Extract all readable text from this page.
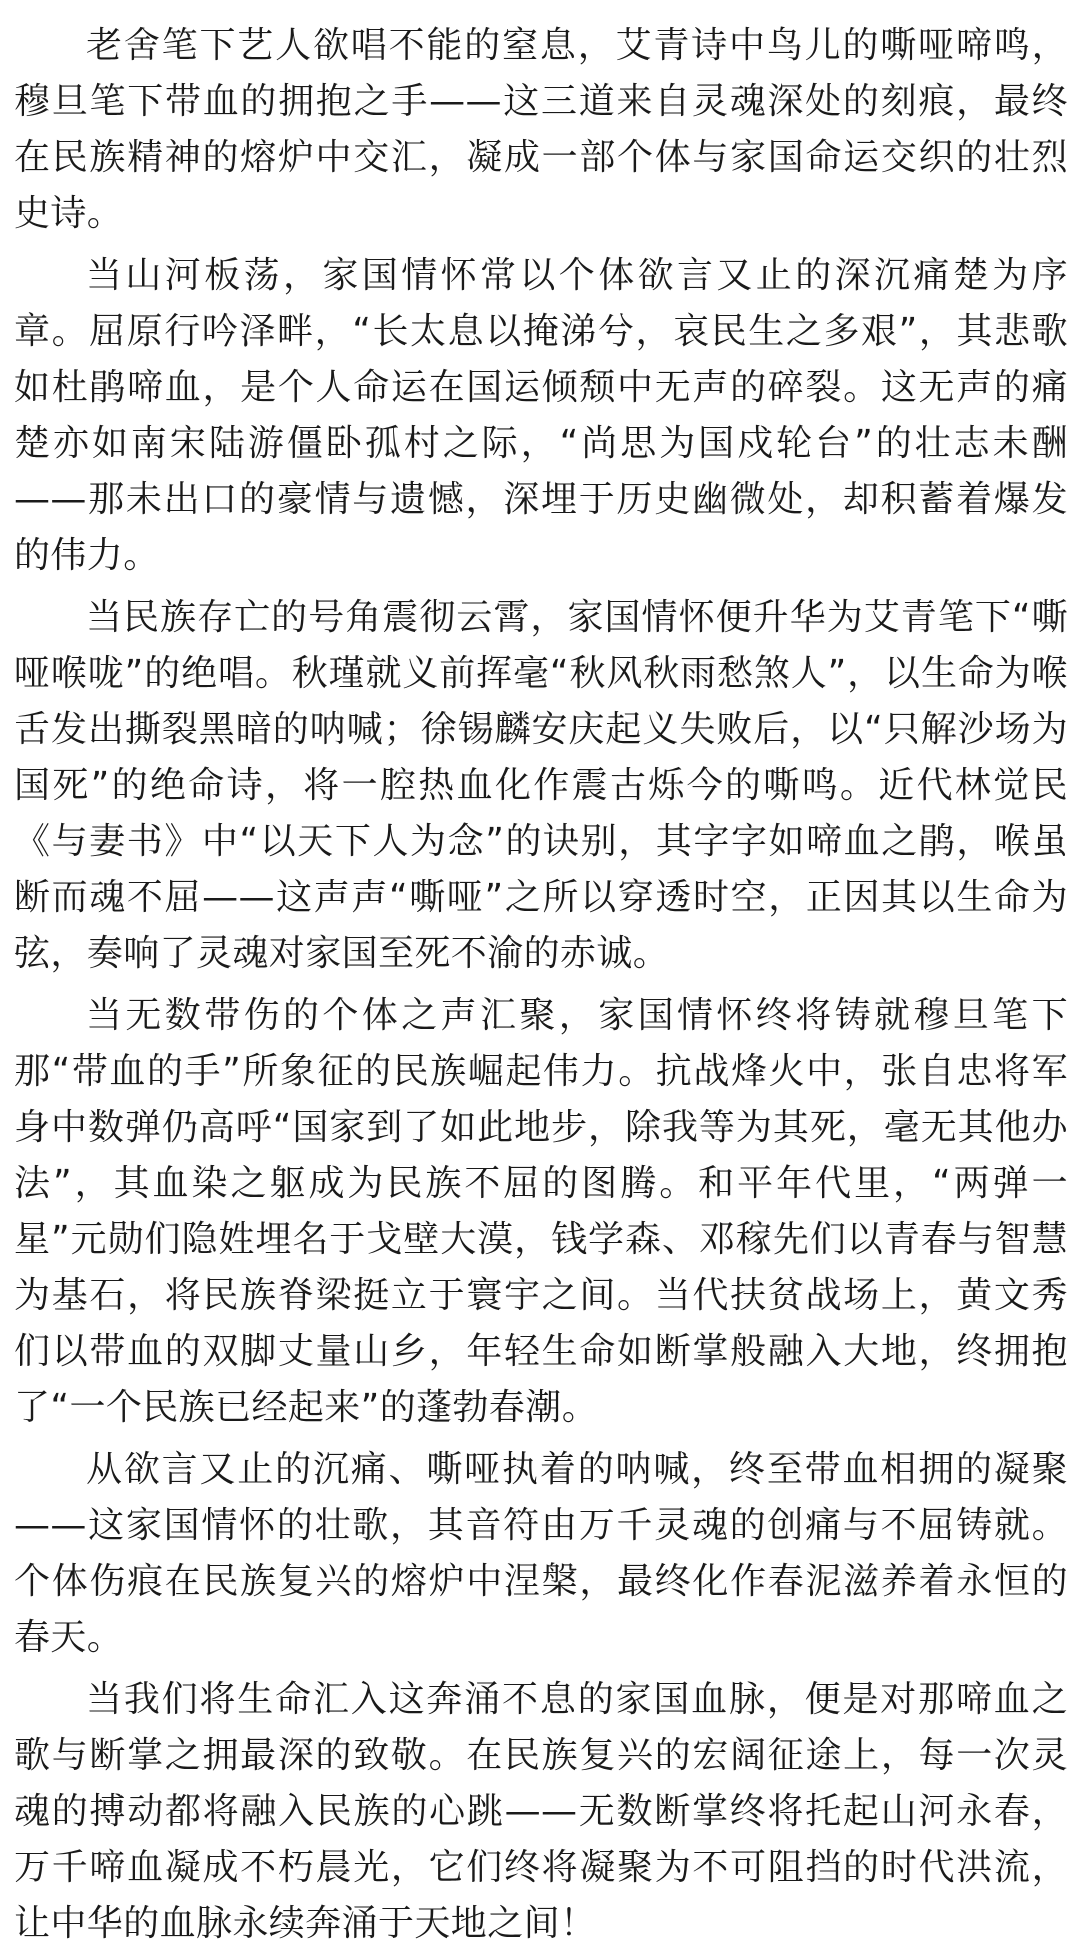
老舍笔下艺人欲唱不能的窒息，艾青诗中鸟儿的嘶哑啼鸣，穆旦笔下带血的拥抱之手——这三道来自灵魂深处的刻痕，最终在民族精神的熔炉中交汇，凝成一部个体与家国命运交织的壮烈史诗。

当山河板荡，家国情怀常以个体欲言又止的深沉痛楚为序章。屈原行吟泽畔，“长太息以掩涕兮，哀民生之多艰”，其悲歌如杜鹃啼血，是个人命运在国运倾颓中无声的碎裂。这无声的痛楚亦如南宋陆游僵卧孤村之际，“尚思为国戍轮台”的壮志未酬——那未出口的豪情与遗憾，深埋于历史幽微处，却积蓄着爆发的伟力。

当民族存亡的号角震彻云霄，家国情怀便升华为艾青笔下“嘶哑喉咙”的绝唱。秋瑾就义前挥毫“秋风秋雨愁煞人”，以生命为喉舌发出撕裂黑暗的呐喊；徐锡麟安庆起义失败后，以“只解沙场为国死”的绝命诗，将一腔热血化作震古烁今的嘶鸣。近代林觉民《与妻书》中“以天下人为念”的诀别，其字字如啼血之鹃，喉虽断而魂不屈——这声声“嘶哑”之所以穿透时空，正因其以生命为弦，奏响了灵魂对家国至死不渝的赤诚。

当无数带伤的个体之声汇聚，家国情怀终将铸就穆旦笔下那“带血的手”所象征的民族崛起伟力。抗战烽火中，张自忠将军身中数弹仍高呼“国家到了如此地步，除我等为其死，毫无其他办法”，其血染之躯成为民族不屈的图腾。和平年代里，“两弹一星”元勋们隐姓埋名于戈壁大漠，钱学森、邓稼先们以青春与智慧为基石，将民族脊梁挺立于寰宇之间。当代扶贫战场上，黄文秀们以带血的双脚丈量山乡，年轻生命如断掌般融入大地，终拥抱了“一个民族已经起来”的蓬勃春潮。

从欲言又止的沉痛、嘶哑执着的呐喊，终至带血相拥的凝聚——这家国情怀的壮歌，其音符由万千灵魂的创痛与不屈铸就。个体伤痕在民族复兴的熔炉中涅槃，最终化作春泥滋养着永恒的春天。

当我们将生命汇入这奔涌不息的家国血脉，便是对那啼血之歌与断掌之拥最深的致敬。在民族复兴的宏阔征途上，每一次灵魂的搏动都将融入民族的心跳——无数断掌终将托起山河永春，万千啼血凝成不朽晨光，它们终将凝聚为不可阻挡的时代洪流，让中华的血脉永续奔涌于天地之间！
